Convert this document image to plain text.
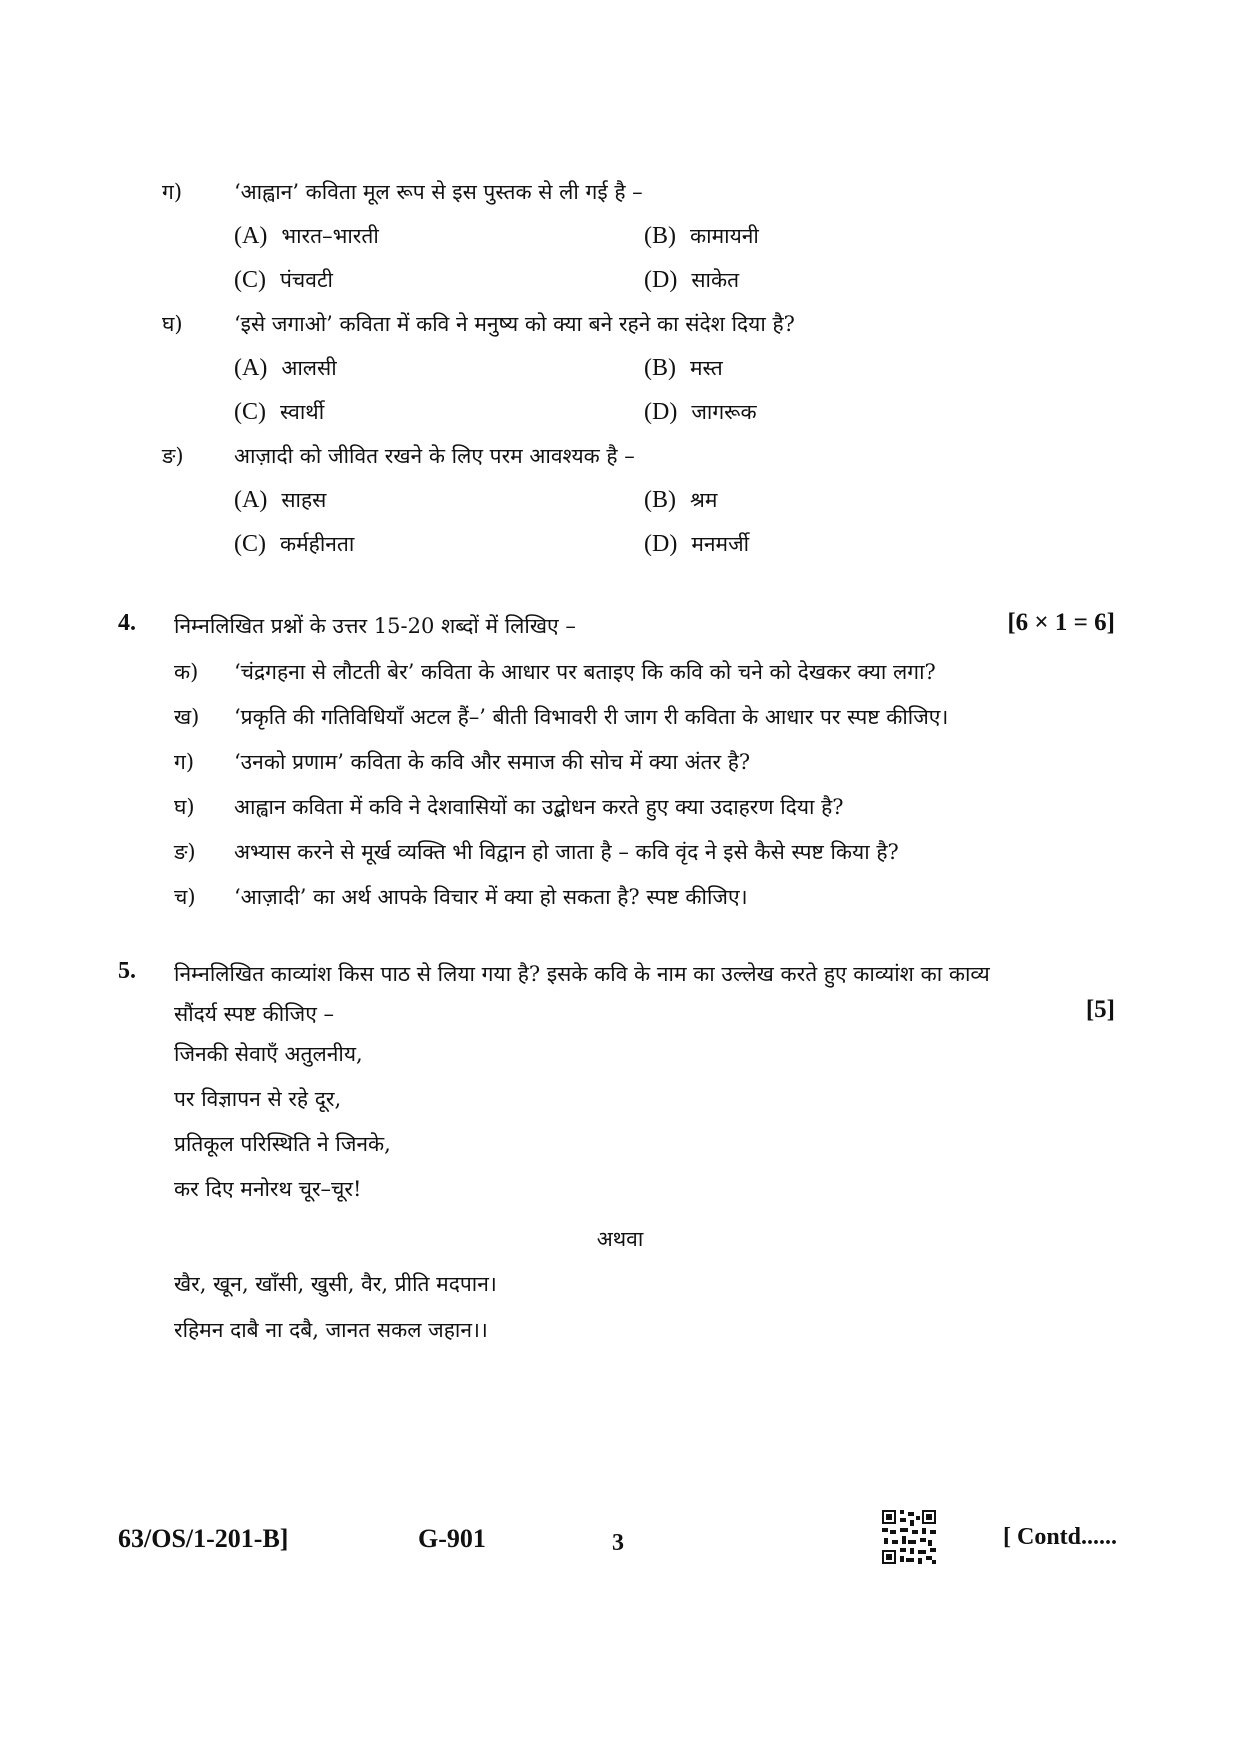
ग) ‘आह्वान’ कविता मूल रूप से इस पुस्तक से ली गई है –
(A) भारत–भारती	(B) कामायनी
(C) पंचवटी	(D) साकेत
घ) ‘इसे जगाओ’ कविता में कवि ने मनुष्य को क्या बने रहने का संदेश दिया है?
(A) आलसी	(B) मस्त
(C) स्वार्थी	(D) जागरूक
ङ) आज़ादी को जीवित रखने के लिए परम आवश्यक है –
(A) साहस	(B) श्रम
(C) कर्महीनता	(D) मनमर्जी
4. निम्नलिखित प्रश्नों के उत्तर 15-20 शब्दों में लिखिए –	[6 × 1 = 6]
क) ‘चंद्रगहना से लौटती बेर’ कविता के आधार पर बताइए कि कवि को चने को देखकर क्या लगा?
ख) ‘प्रकृति की गतिविधियाँ अटल हैं–’ बीती विभावरी री जाग री कविता के आधार पर स्पष्ट कीजिए।
ग) ‘उनको प्रणाम’ कविता के कवि और समाज की सोच में क्या अंतर है?
घ) आह्वान कविता में कवि ने देशवासियों का उद्बोधन करते हुए क्या उदाहरण दिया है?
ङ) अभ्यास करने से मूर्ख व्यक्ति भी विद्वान हो जाता है – कवि वृंद ने इसे कैसे स्पष्ट किया है?
च) ‘आज़ादी’ का अर्थ आपके विचार में क्या हो सकता है? स्पष्ट कीजिए।
5. निम्नलिखित काव्यांश किस पाठ से लिया गया है? इसके कवि के नाम का उल्लेख करते हुए काव्यांश का काव्य
सौंदर्य स्पष्ट कीजिए –	[5]
जिनकी सेवाएँ अतुलनीय,
पर विज्ञापन से रहे दूर,
प्रतिकूल परिस्थिति ने जिनके,
कर दिए मनोरथ चूर–चूर!
अथवा
खैर, खून, खाँसी, खुसी, वैर, प्रीति मदपान।
रहिमन दाबै ना दबै, जानत सकल जहान।।
63/OS/1-201-B]	G-901	3	[ Contd......
